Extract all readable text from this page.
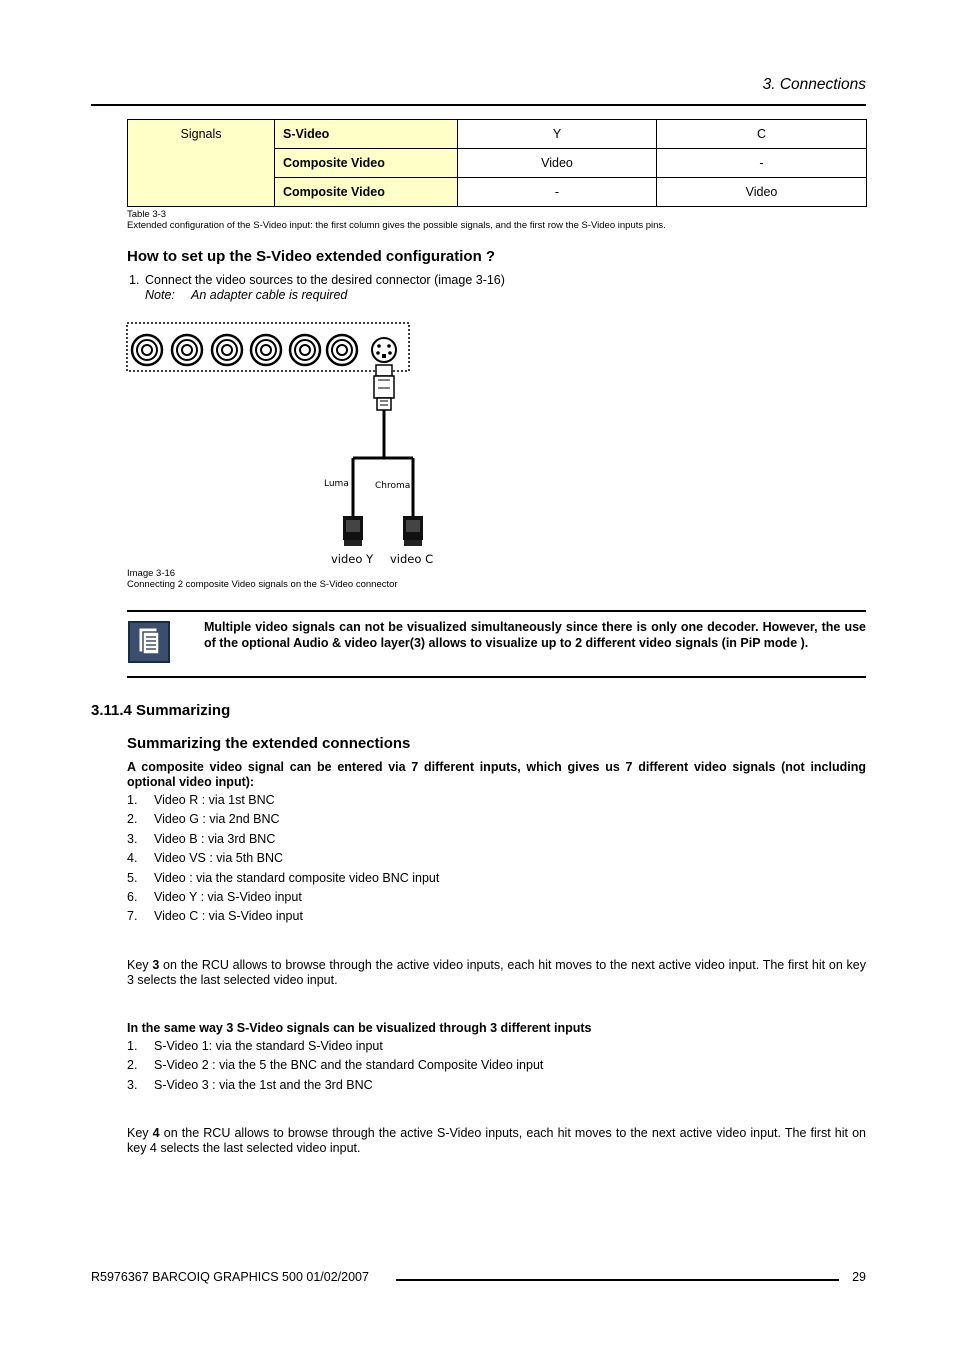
3. Connections
Signals	S-Video	Y	C
	Composite Video	Video	-
	Composite Video	-	Video
Table 3-3
Extended configuration of the S-Video input: the first column gives the possible signals, and the first row the S-Video inputs pins.
How to set up the S-Video extended configuration ?
1. Connect the video sources to the desired connector (image 3-16)
Note: An adapter cable is required
Luma	Chroma
video Y video C
Image 3-16
Connecting 2 composite Video signals on the S-Video connector
Multiple video signals can not be visualized simultaneously since there is only one decoder. However, the use of the optional Audio & video layer(3) allows to visualize up to 2 different video signals (in PiP mode ).
3.11.4 Summarizing
Summarizing the extended connections
A composite video signal can be entered via 7 different inputs, which gives us 7 different video signals (not including optional video input):
1. Video R : via 1st BNC
2. Video G : via 2nd BNC
3. Video B : via 3rd BNC
4. Video VS : via 5th BNC
5. Video : via the standard composite video BNC input
6. Video Y : via S-Video input
7. Video C : via S-Video input
Key 3 on the RCU allows to browse through the active video inputs, each hit moves to the next active video input. The first hit on key 3 selects the last selected video input.
In the same way 3 S-Video signals can be visualized through 3 different inputs
1. S-Video 1: via the standard S-Video input
2. S-Video 2 : via the 5 the BNC and the standard Composite Video input
3. S-Video 3 : via the 1st and the 3rd BNC
Key 4 on the RCU allows to browse through the active S-Video inputs, each hit moves to the next active video input. The first hit on key 4 selects the last selected video input.
R5976367 BARCOIQ GRAPHICS 500 01/02/2007	29
